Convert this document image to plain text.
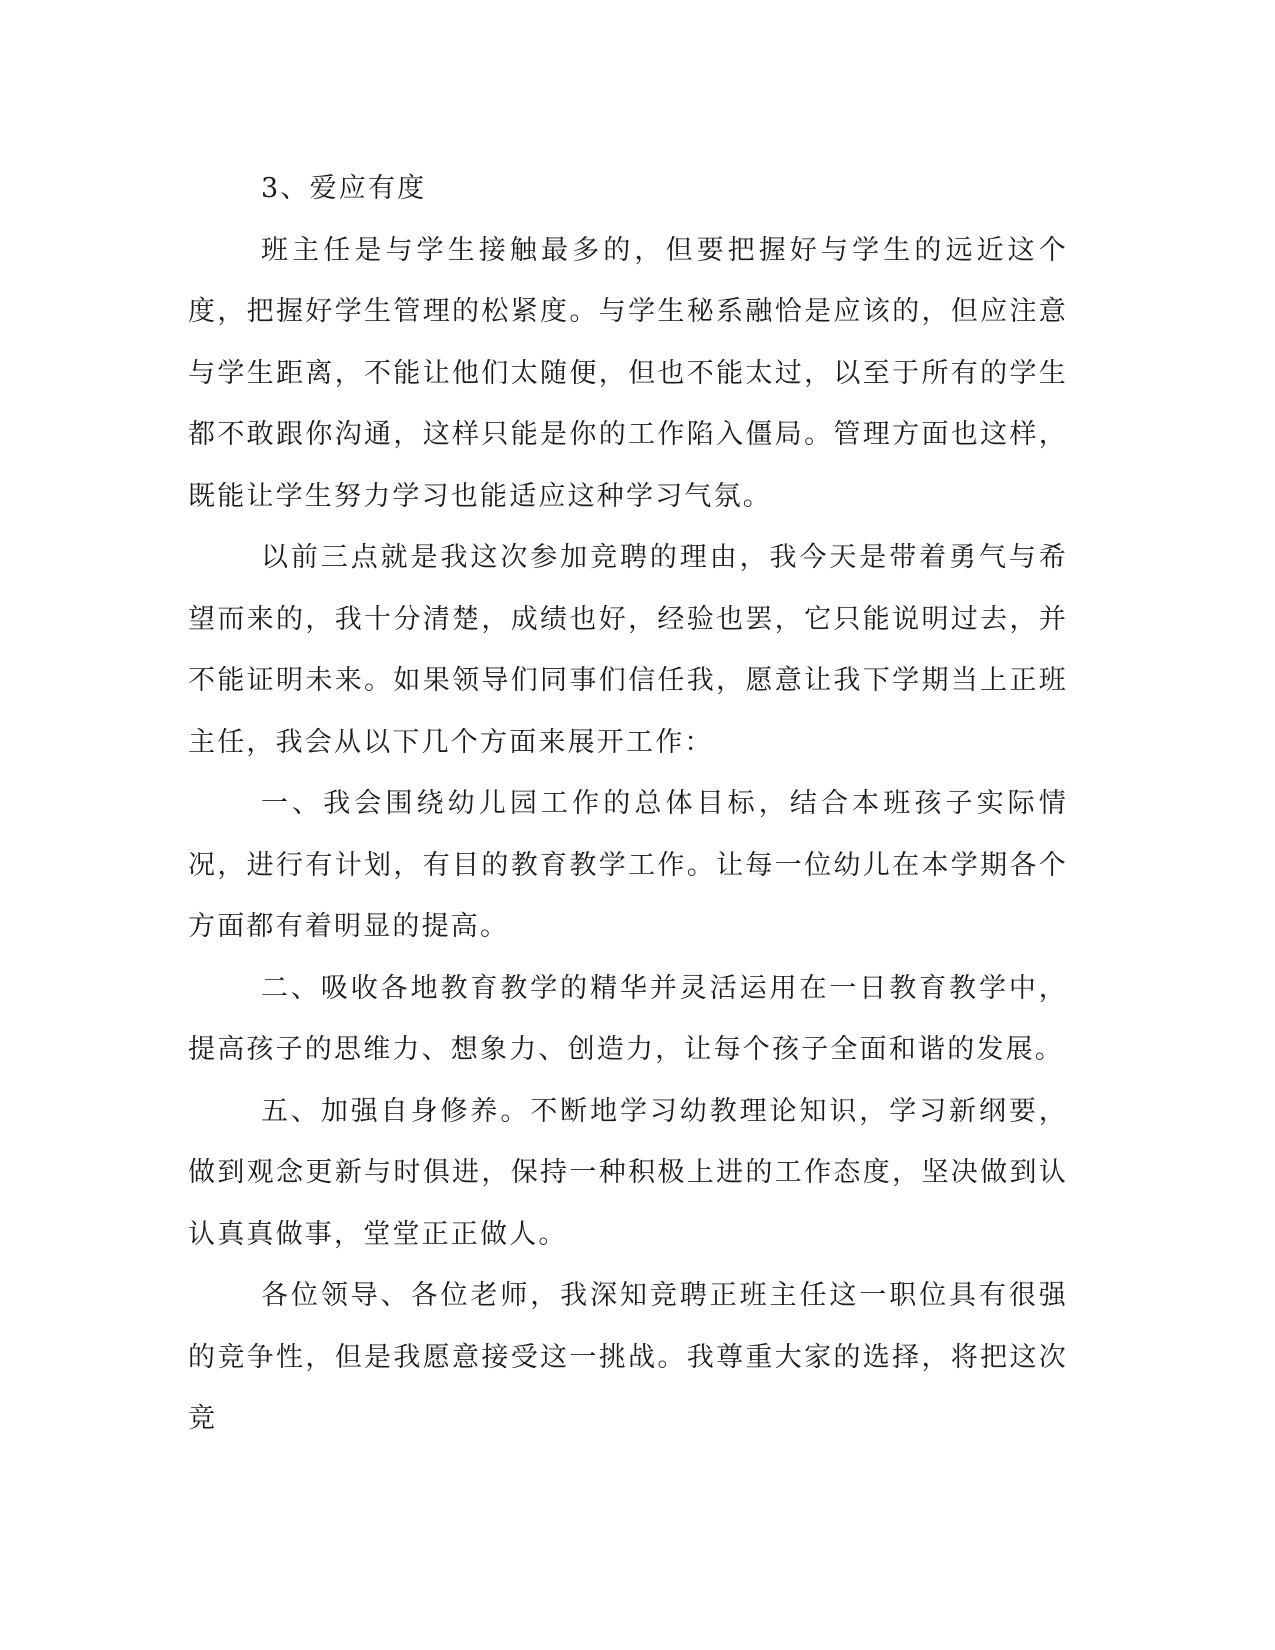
3、爱应有度

班主任是与学生接触最多的，但要把握好与学生的远近这个度，把握好学生管理的松紧度。与学生秘系融恰是应该的，但应注意与学生距离，不能让他们太随便，但也不能太过，以至于所有的学生都不敢跟你沟通，这样只能是你的工作陷入僵局。管理方面也这样，既能让学生努力学习也能适应这种学习气氛。

以前三点就是我这次参加竞聘的理由，我今天是带着勇气与希望而来的，我十分清楚，成绩也好，经验也罢，它只能说明过去，并不能证明未来。如果领导们同事们信任我，愿意让我下学期当上正班主任，我会从以下几个方面来展开工作：

一、我会围绕幼儿园工作的总体目标，结合本班孩子实际情况，进行有计划，有目的教育教学工作。让每一位幼儿在本学期各个方面都有着明显的提高。

二、吸收各地教育教学的精华并灵活运用在一日教育教学中，提高孩子的思维力、想象力、创造力，让每个孩子全面和谐的发展。

五、加强自身修养。不断地学习幼教理论知识，学习新纲要，做到观念更新与时俱进，保持一种积极上进的工作态度，坚决做到认认真真做事，堂堂正正做人。

各位领导、各位老师，我深知竞聘正班主任这一职位具有很强的竞争性，但是我愿意接受这一挑战。我尊重大家的选择，将把这次竞
